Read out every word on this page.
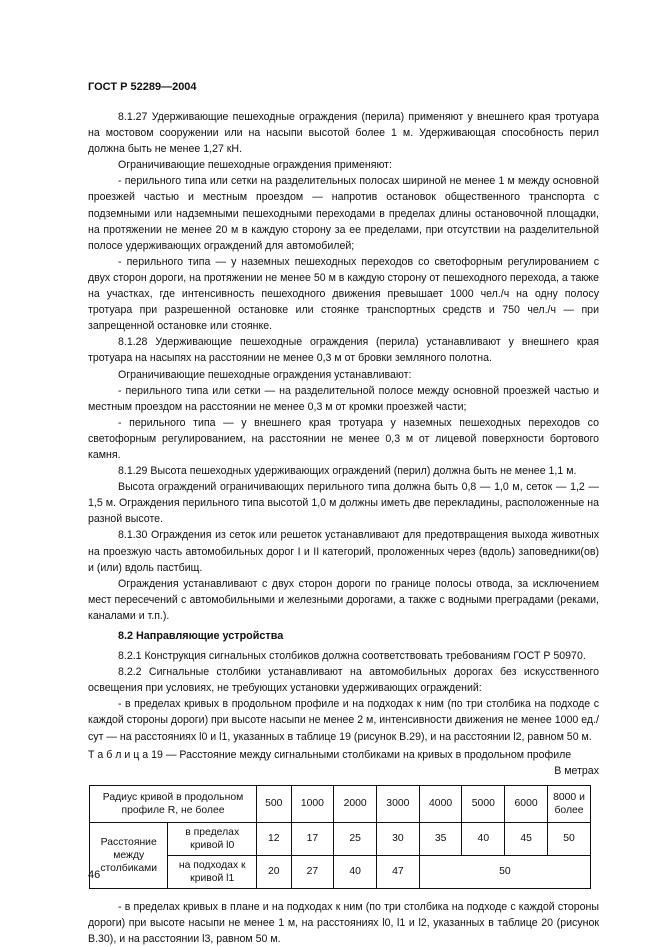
ГОСТ Р 52289—2004

8.1.27 Удерживающие пешеходные ограждения (перила) применяют у внешнего края тротуара на мостовом сооружении или на насыпи высотой более 1 м. Удерживающая способность перил должна быть не менее 1,27 кН.

Ограничивающие пешеходные ограждения применяют:

- перильного типа или сетки на разделительных полосах шириной не менее 1 м между основной проезжей частью и местным проездом — напротив остановок общественного транспорта с подземными или надземными пешеходными переходами в пределах длины остановочной площадки, на протяжении не менее 20 м в каждую сторону за ее пределами, при отсутствии на разделительной полосе удерживающих ограждений для автомобилей;

- перильного типа — у наземных пешеходных переходов со светофорным регулированием с двух сторон дороги, на протяжении не менее 50 м в каждую сторону от пешеходного перехода, а также на участках, где интенсивность пешеходного движения превышает 1000 чел./ч на одну полосу тротуара при разрешенной остановке или стоянке транспортных средств и 750 чел./ч — при запрещенной остановке или стоянке.

8.1.28 Удерживающие пешеходные ограждения (перила) устанавливают у внешнего края тротуара на насыпях на расстоянии не менее 0,3 м от бровки земляного полотна.

Ограничивающие пешеходные ограждения устанавливают:

- перильного типа или сетки — на разделительной полосе между основной проезжей частью и местным проездом на расстоянии не менее 0,3 м от кромки проезжей части;

- перильного типа — у внешнего края тротуара у наземных пешеходных переходов со светофорным регулированием, на расстоянии не менее 0,3 м от лицевой поверхности бортового камня.

8.1.29 Высота пешеходных удерживающих ограждений (перил) должна быть не менее 1,1 м.

Высота ограждений ограничивающих перильного типа должна быть 0,8 — 1,0 м, сеток — 1,2 — 1,5 м. Ограждения перильного типа высотой 1,0 м должны иметь две перекладины, расположенные на разной высоте.

8.1.30 Ограждения из сеток или решеток устанавливают для предотвращения выхода животных на проезжую часть автомобильных дорог I и II категорий, проложенных через (вдоль) заповедники(ов) и (или) вдоль пастбищ.

Ограждения устанавливают с двух сторон дороги по границе полосы отвода, за исключением мест пересечений с автомобильными и железными дорогами, а также с водными преградами (реками, каналами и т.п.).

8.2 Направляющие устройства

8.2.1 Конструкция сигнальных столбиков должна соответствовать требованиям ГОСТ Р 50970.

8.2.2 Сигнальные столбики устанавливают на автомобильных дорогах без искусственного освещения при условиях, не требующих установки удерживающих ограждений:

- в пределах кривых в продольном профиле и на подходах к ним (по три столбика на подходе с каждой стороны дороги) при высоте насыпи не менее 2 м, интенсивности движения не менее 1000 ед./сут — на расстояниях l0 и l1, указанных в таблице 19 (рисунок В.29), и на расстоянии l2, равном 50 м.

Т а б л и ц а 19 — Расстояние между сигнальными столбиками на кривых в продольном профиле

В метрах

Радиус кривой в продольном профиле R, не более		500	1000	2000	3000	4000	5000	6000	8000 и более
Расстояние между столбиками	в пределах кривой l0	12	17	25	30	35	40	45	50
	на подходах к кривой l1	20	27	40	47	50			

- в пределах кривых в плане и на подходах к ним (по три столбика на подходе с каждой стороны дороги) при высоте насыпи не менее 1 м, на расстояниях l0, l1 и l2, указанных в таблице 20 (рисунок В.30), и на расстоянии l3, равном 50 м.

46
